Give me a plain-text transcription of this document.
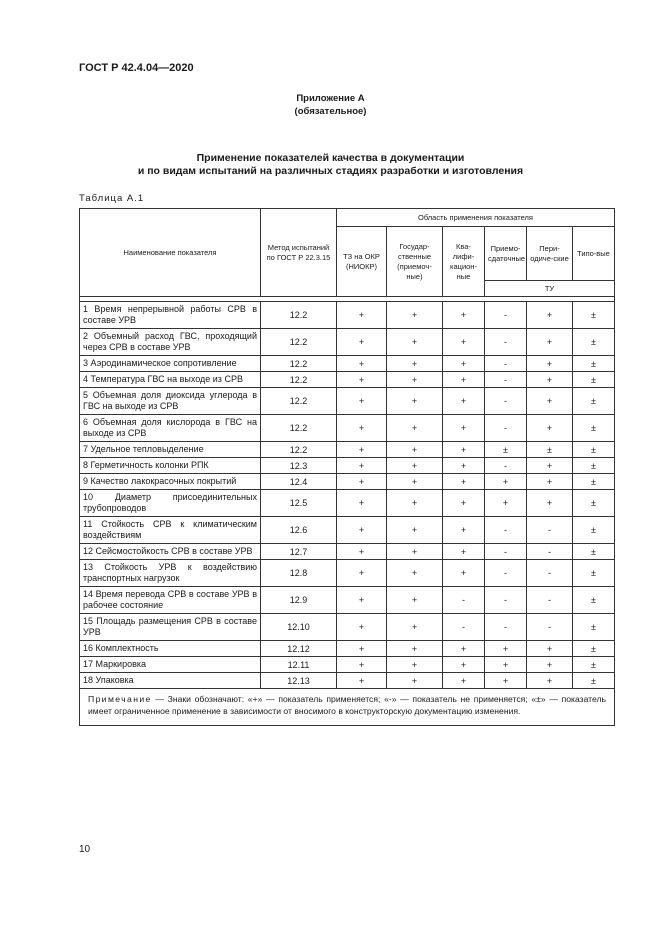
ГОСТ Р 42.4.04—2020
Приложение А
(обязательное)
Применение показателей качества в документации
и по видам испытаний на различных стадиях разработки и изготовления
Таблица А.1
Наименование показателя	Метод испытаний по ГОСТ Р 22.3.15	Область применения показателя					
		ТЗ на ОКР (НИОКР)	Государ-ственные (приемоч-ные)	Ква-лифи-кацион-ные	Приемо-сдаточные	Пери-одиче-ские	Типо-вые
					ТУ		

1 Время непрерывной работы СРВ в составе УРВ	12.2	+	+	+	-	+	±
2 Объемный расход ГВС, проходящий через СРВ в составе УРВ	12.2	+	+	+	-	+	±
3 Аэродинамическое сопротивление	12.2	+	+	+	-	+	±
4 Температура ГВС на выходе из СРВ	12.2	+	+	+	-	+	±
5 Объемная доля диоксида углерода в ГВС на выходе из СРВ	12.2	+	+	+	-	+	±
6 Объемная доля кислорода в ГВС на выходе из СРВ	12.2	+	+	+	-	+	±
7 Удельное тепловыделение	12.2	+	+	+	±	±	±
8 Герметичность колонки РПК	12.3	+	+	+	-	+	±
9 Качество лакокрасочных покрытий	12.4	+	+	+	+	+	±
10 Диаметр присоединительных трубопроводов	12.5	+	+	+	+	+	±
11 Стойкость СРВ к климатическим воздействиям	12.6	+	+	+	-	-	±
12 Сейсмостойкость СРВ в составе УРВ	12.7	+	+	+	-	-	±
13 Стойкость УРВ к воздействию транспортных нагрузок	12.8	+	+	+	-	-	±
14 Время перевода СРВ в составе УРВ в рабочее состояние	12.9	+	+	-	-	-	±
15 Площадь размещения СРВ в составе УРВ	12.10	+	+	-	-	-	±
16 Комплектность	12.12	+	+	+	+	+	±
17 Маркировка	12.11	+	+	+	+	+	±
18 Упаковка	12.13	+	+	+	+	+	±
Примечание — Знаки обозначают: «+» — показатель применяется; «-» — показатель не применяется; «±» — показатель имеет ограниченное применение в зависимости от вносимого в конструкторскую документацию изменения.							
10
